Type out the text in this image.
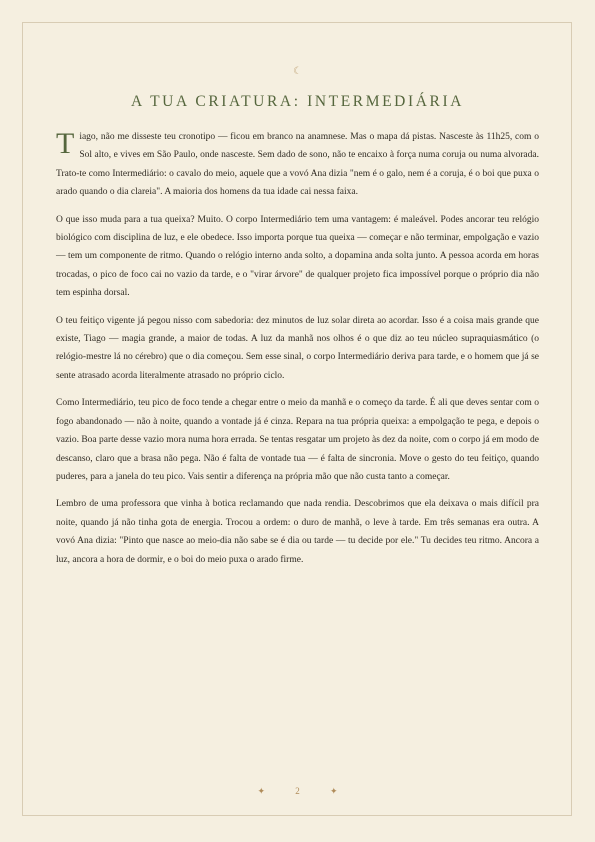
☾
A TUA CRIATURA: INTERMEDIÁRIA

Tiago, não me disseste teu cronotipo — ficou em branco na anamnese. Mas o mapa dá pistas. Nasceste às 11h25, com o Sol alto, e vives em São Paulo, onde nasceste. Sem dado de sono, não te encaixo à força numa coruja ou numa alvorada. Trato-te como Intermediário: o cavalo do meio, aquele que a vovó Ana dizia "nem é o galo, nem é a coruja, é o boi que puxa o arado quando o dia clareia". A maioria dos homens da tua idade cai nessa faixa.

O que isso muda para a tua queixa? Muito. O corpo Intermediário tem uma vantagem: é maleável. Podes ancorar teu relógio biológico com disciplina de luz, e ele obedece. Isso importa porque tua queixa — começar e não terminar, empolgação e vazio — tem um componente de ritmo. Quando o relógio interno anda solto, a dopamina anda solta junto. A pessoa acorda em horas trocadas, o pico de foco cai no vazio da tarde, e o "virar árvore" de qualquer projeto fica impossível porque o próprio dia não tem espinha dorsal.

O teu feitiço vigente já pegou nisso com sabedoria: dez minutos de luz solar direta ao acordar. Isso é a coisa mais grande que existe, Tiago — magia grande, a maior de todas. A luz da manhã nos olhos é o que diz ao teu núcleo supraquiasmático (o relógio-mestre lá no cérebro) que o dia começou. Sem esse sinal, o corpo Intermediário deriva para tarde, e o homem que já se sente atrasado acorda literalmente atrasado no próprio ciclo.

Como Intermediário, teu pico de foco tende a chegar entre o meio da manhã e o começo da tarde. É ali que deves sentar com o fogo abandonado — não à noite, quando a vontade já é cinza. Repara na tua própria queixa: a empolgação te pega, e depois o vazio. Boa parte desse vazio mora numa hora errada. Se tentas resgatar um projeto às dez da noite, com o corpo já em modo de descanso, claro que a brasa não pega. Não é falta de vontade tua — é falta de sincronia. Move o gesto do teu feitiço, quando puderes, para a janela do teu pico. Vais sentir a diferença na própria mão que não custa tanto a começar.

Lembro de uma professora que vinha à botica reclamando que nada rendia. Descobrimos que ela deixava o mais difícil pra noite, quando já não tinha gota de energia. Trocou a ordem: o duro de manhã, o leve à tarde. Em três semanas era outra. A vovó Ana dizia: "Pinto que nasce ao meio-dia não sabe se é dia ou tarde — tu decide por ele." Tu decides teu ritmo. Ancora a luz, ancora a hora de dormir, e o boi do meio puxa o arado firme.

✦	2	✦
